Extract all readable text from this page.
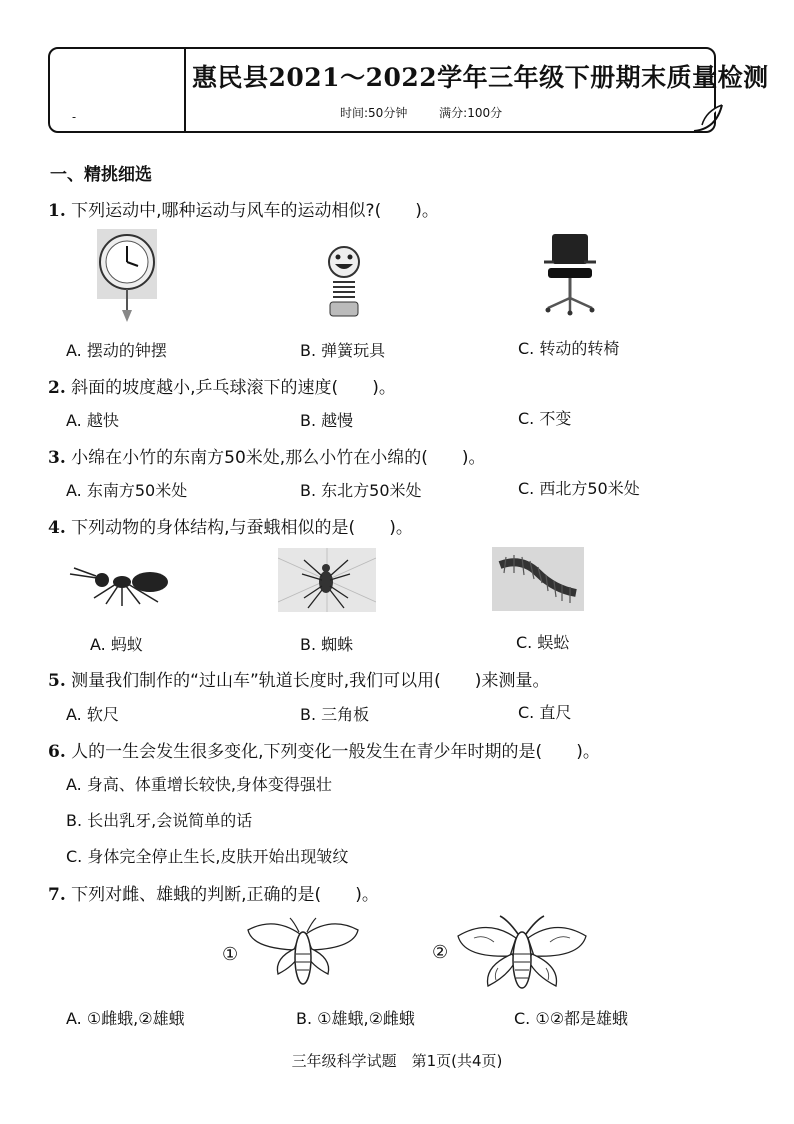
-
惠民县2021～2022学年三年级下册期末质量检测
时间:50分钟	满分:100分
一、精挑细选
1. 下列运动中,哪种运动与风车的运动相似?(　　)。
A. 摆动的钟摆	B. 弹簧玩具	C. 转动的转椅
2. 斜面的坡度越小,乒乓球滚下的速度(　　)。
A. 越快	B. 越慢	C. 不变
3. 小绵在小竹的东南方50米处,那么小竹在小绵的(　　)。
A. 东南方50米处	B. 东北方50米处	C. 西北方50米处
4. 下列动物的身体结构,与蚕蛾相似的是(　　)。
A. 蚂蚁	B. 蜘蛛	C. 蜈蚣
5. 测量我们制作的“过山车”轨道长度时,我们可以用(　　)来测量。
A. 软尺	B. 三角板	C. 直尺
6. 人的一生会发生很多变化,下列变化一般发生在青少年时期的是(　　)。
A. 身高、体重增长较快,身体变得强壮
B. 长出乳牙,会说简单的话
C. 身体完全停止生长,皮肤开始出现皱纹
7. 下列对雌、雄蛾的判断,正确的是(　　)。
①	②
A. ①雌蛾,②雄蛾	B. ①雄蛾,②雌蛾	C. ①②都是雄蛾
三年级科学试题　第1页(共4页)
